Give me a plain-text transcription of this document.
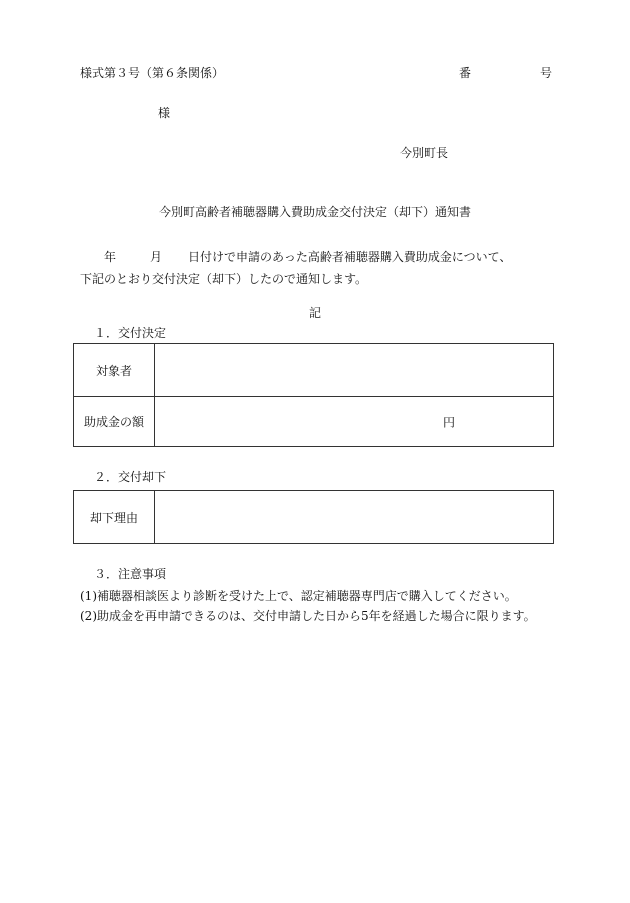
様式第３号（第６条関係）	番	号
様
今別町長
今別町高齢者補聴器購入費助成金交付決定（却下）通知書
年	月 日付けで申請のあった高齢者補聴器購入費助成金について、
下記のとおり交付決定（却下）したので通知します。
記
１．交付決定
対象者	
助成金の額	円
２．交付却下
却下理由	
３．注意事項
(1)補聴器相談医より診断を受けた上で、認定補聴器専門店で購入してください。
(2)助成金を再申請できるのは、交付申請した日から5年を経過した場合に限ります。
